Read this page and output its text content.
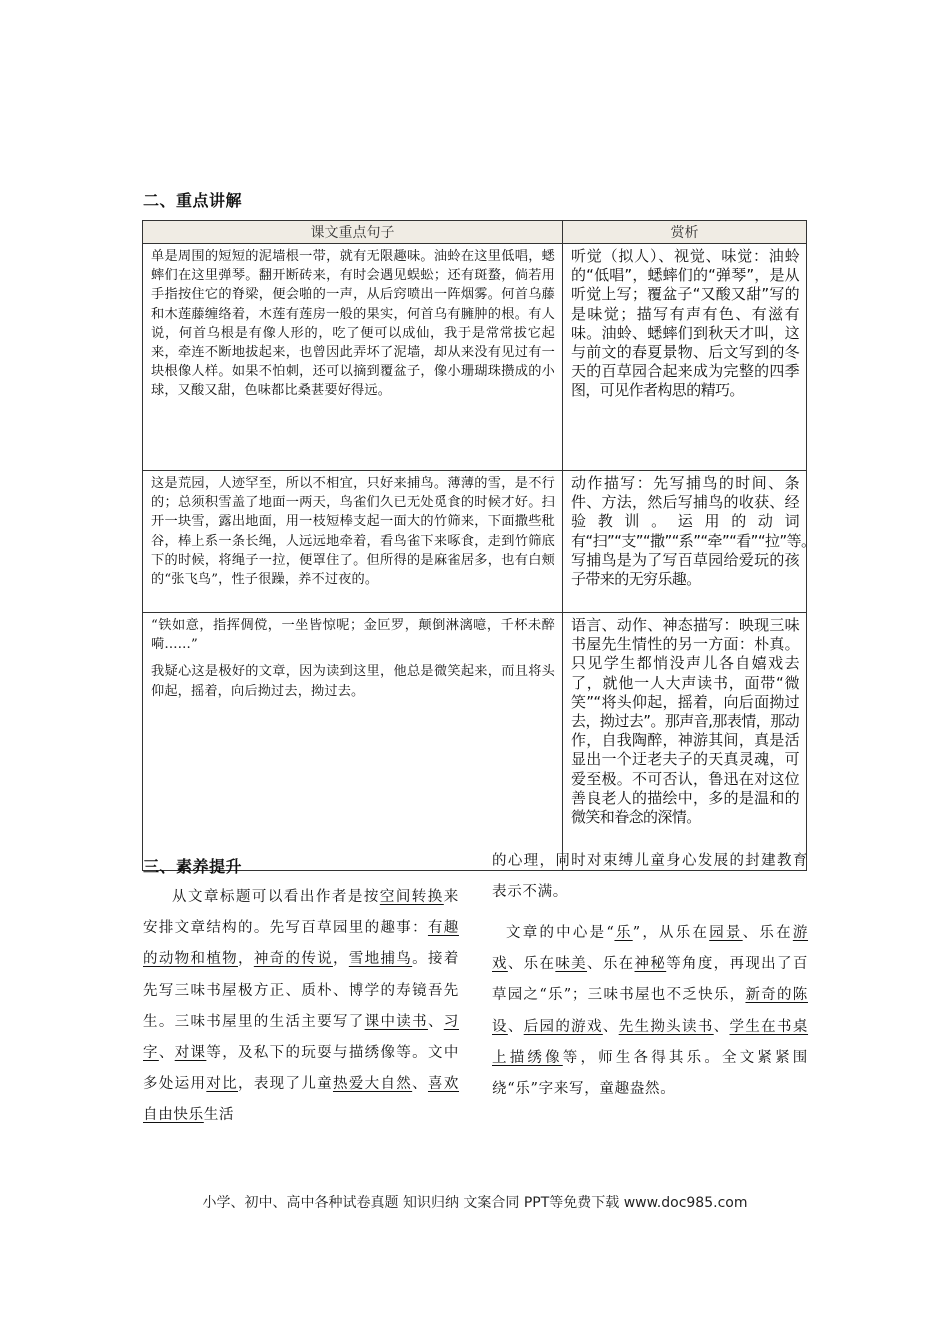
二、重点讲解
课文重点句子	赏析

单是周围的短短的泥墙根一带，就有无限趣味。油蛉在这里低唱，蟋蟀们在这里弹琴。翻开断砖来，有时会遇见蜈蚣；还有斑蝥，倘若用手指按住它的脊梁，便会啪的一声，从后窍喷出一阵烟雾。何首乌藤和木莲藤缠络着，木莲有莲房一般的果实，何首乌有臃肿的根。有人说，何首乌根是有像人形的，吃了便可以成仙，我于是常常拔它起来，牵连不断地拔起来，也曾因此弄坏了泥墙，却从来没有见过有一块根像人样。如果不怕刺，还可以摘到覆盆子，像小珊瑚珠攒成的小球，又酸又甜，色味都比桑葚要好得远。	听觉（拟人）、视觉、味觉：油蛉的“低唱”，蟋蟀们的“弹琴”，是从听觉上写；覆盆子“又酸又甜”写的是味觉；描写有声有色、有滋有味。油蛉、蟋蟀们到秋天才叫，这与前文的春夏景物、后文写到的冬天的百草园合起来成为完整的四季图，可见作者构思的精巧。

这是荒园，人迹罕至，所以不相宜，只好来捕鸟。薄薄的雪，是不行的；总须积雪盖了地面一两天，鸟雀们久已无处觅食的时候才好。扫开一块雪，露出地面，用一枝短棒支起一面大的竹筛来，下面撒些秕谷，棒上系一条长绳，人远远地牵着，看鸟雀下来啄食，走到竹筛底下的时候，将绳子一拉，便罩住了。但所得的是麻雀居多，也有白颊的“张飞鸟”，性子很躁，养不过夜的。	动作描写：先写捕鸟的时间、条件、方法，然后写捕鸟的收获、经验教训。运用的动词有“扫”“支”“撒”“系”“牵”“看”“拉”等。写捕鸟是为了写百草园给爱玩的孩子带来的无穷乐趣。

“铁如意，指挥倜傥，一坐皆惊呢；金叵罗，颠倒淋漓噫，千杯未醉嗬……”

我疑心这是极好的文章，因为读到这里，他总是微笑起来，而且将头仰起，摇着，向后拗过去，拗过去。	语言、动作、神态描写：映现三味书屋先生情性的另一方面：朴真。只见学生都悄没声儿各自嬉戏去了，就他一人大声读书，面带“微笑”“将头仰起，摇着，向后面拗过去，拗过去”。那声音,那表情，那动作，自我陶醉，神游其间，真是活显出一个迂老夫子的天真灵魂，可爱至极。不可否认，鲁迅在对这位善良老人的描绘中，多的是温和的微笑和眷念的深情。

三、素养提升

从文章标题可以看出作者是按空间转换来安排文章结构的。先写百草园里的趣事：有趣的动物和植物，神奇的传说，雪地捕鸟。接着先写三味书屋极方正、质朴、博学的寿镜吾先生。三味书屋里的生活主要写了课中读书、习字、对课等，及私下的玩耍与描绣像等。文中多处运用对比，表现了儿童热爱大自然、喜欢自由快乐生活

的心理，同时对束缚儿童身心发展的封建教育表示不满。

文章的中心是“乐”，从乐在园景、乐在游戏、乐在味美、乐在神秘等角度，再现出了百草园之“乐”；三味书屋也不乏快乐，新奇的陈设、后园的游戏、先生拗头读书、学生在书桌上描绣像等，师生各得其乐。全文紧紧围绕“乐”字来写，童趣盎然。

小学、初中、高中各种试卷真题 知识归纳 文案合同 PPT等免费下载 www.doc985.com
